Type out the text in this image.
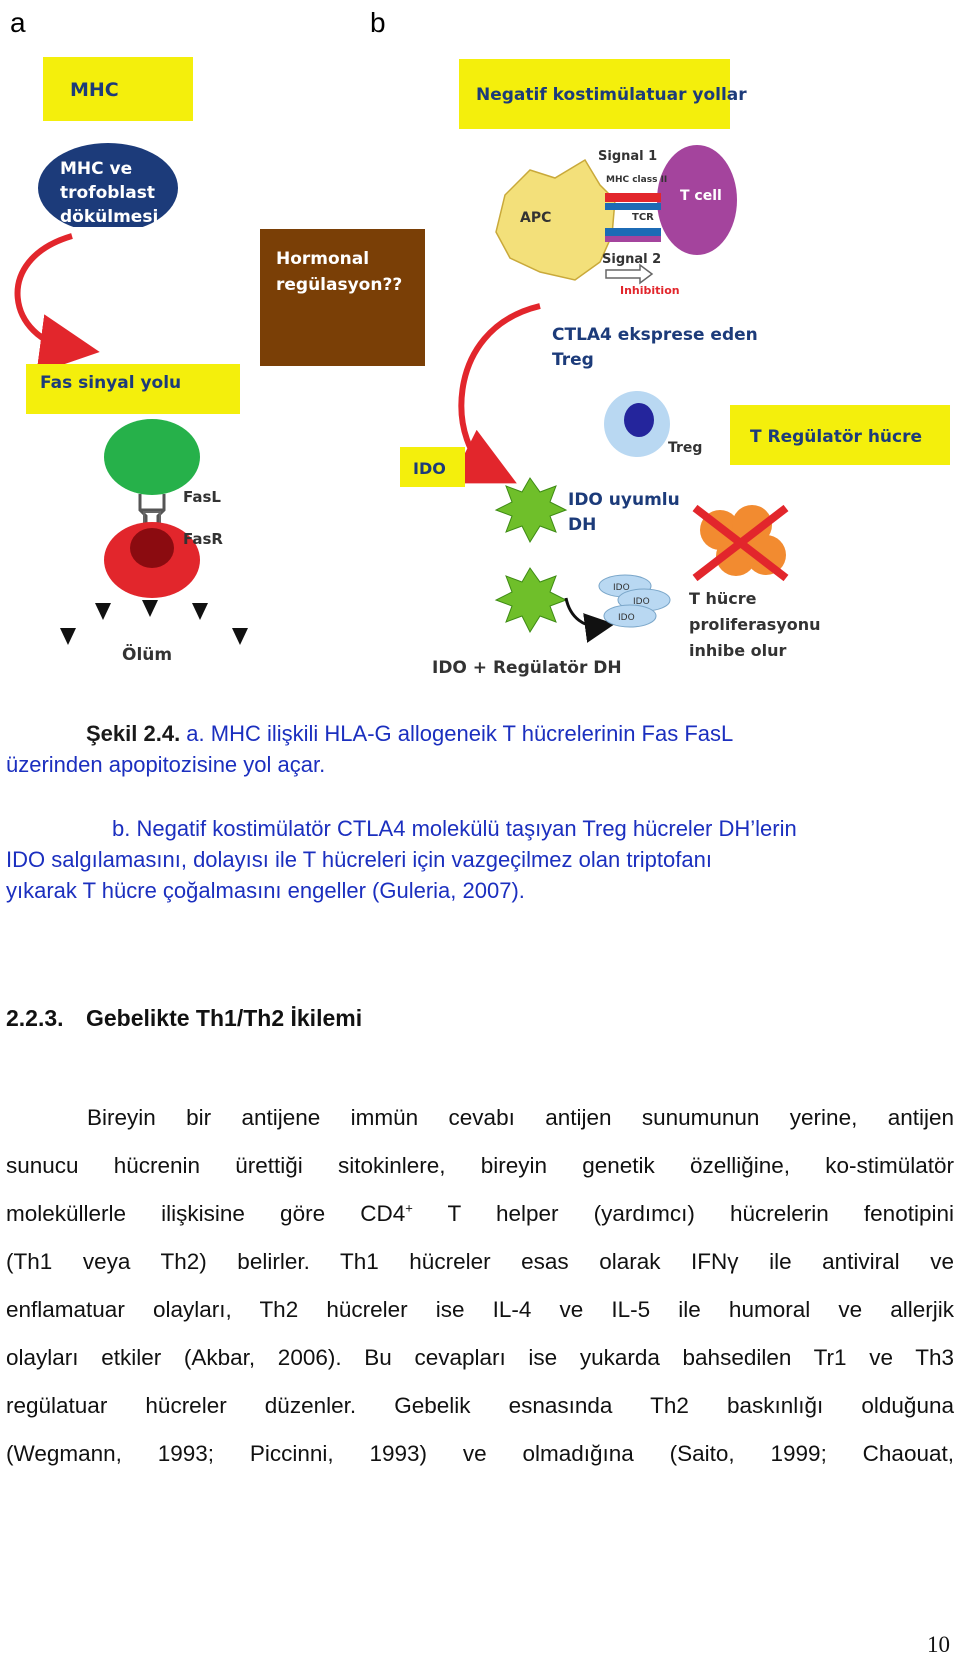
a	b
MHC
MHC ve
trofoblast
dökülmesi
Hormonal
regülasyon??
Fas sinyal yolu
FasL
FasR
Ölüm
Negatif kostimülatuar yollar
APC
T cell
Signal 1
MHC class II
TCR
Signal 2
Inhibition
CTLA4 eksprese eden
Treg
Treg
T Regülatör hücre
IDO
IDO uyumlu
DH
IDO
IDO
IDO
T hücre
proliferasyonu
inhibe olur
IDO + Regülatör DH
Şekil 2.4. a. MHC ilişkili HLA-G allogeneik T hücrelerinin Fas FasL
üzerinden apopitozisine yol açar.
b. Negatif kostimülatör CTLA4 molekülü taşıyan Treg hücreler DH’lerin
IDO salgılamasını, dolayısı ile T hücreleri için vazgeçilmez olan triptofanı
yıkarak T hücre çoğalmasını engeller (Guleria, 2007).
2.2.3. Gebelikte Th1/Th2 İkilemi
Bireyin bir antijene immün cevabı antijen sunumunun yerine, antijen
sunucu hücrenin ürettiği sitokinlere, bireyin genetik özelliğine, ko-stimülatör
moleküllerle ilişkisine göre CD4+ T helper (yardımcı) hücrelerin fenotipini
(Th1 veya Th2) belirler. Th1 hücreler esas olarak IFNγ ile antiviral ve
enflamatuar olayları, Th2 hücreler ise IL-4 ve IL-5 ile humoral ve allerjik
olayları etkiler (Akbar, 2006). Bu cevapları ise yukarda bahsedilen Tr1 ve Th3
regülatuar hücreler düzenler. Gebelik esnasında Th2 baskınlığı olduğuna
(Wegmann, 1993; Piccinni, 1993) ve olmadığına (Saito, 1999; Chaouat,
10
